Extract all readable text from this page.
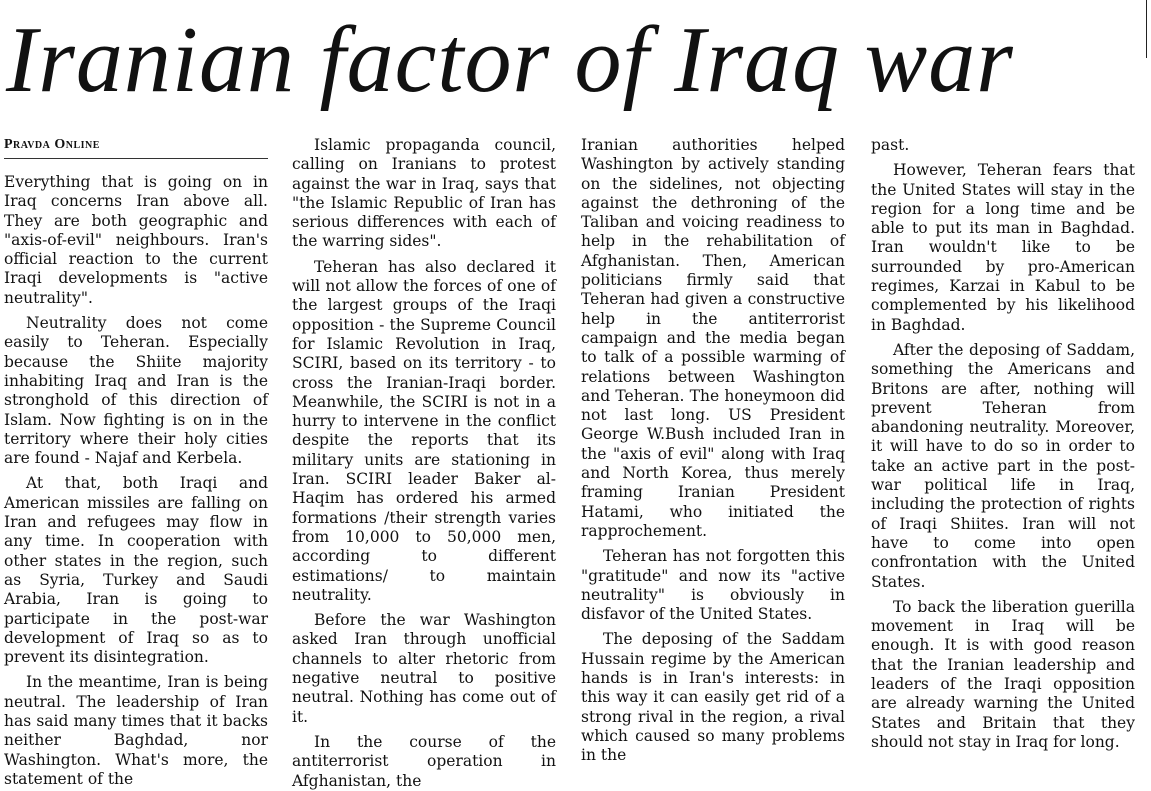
Iranian factor of Iraq war
Pravda Online

Everything that is going on in Iraq concerns Iran above all. They are both geographic and "axis-of-evil" neighbours. Iran's official reaction to the current Iraqi developments is "active neutrality".

Neutrality does not come easily to Teheran. Especially because the Shiite majority inhabiting Iraq and Iran is the stronghold of this direction of Islam. Now fighting is on in the territory where their holy cities are found - Najaf and Kerbela.

At that, both Iraqi and American missiles are falling on Iran and refugees may flow in any time. In cooperation with other states in the region, such as Syria, Turkey and Saudi Arabia, Iran is going to participate in the post-war development of Iraq so as to prevent its disintegration.

In the meantime, Iran is being neutral. The leadership of Iran has said many times that it backs neither Baghdad, nor Washington. What's more, the statement of the

Islamic propaganda council, calling on Iranians to protest against the war in Iraq, says that "the Islamic Republic of Iran has serious differences with each of the warring sides".

Teheran has also declared it will not allow the forces of one of the largest groups of the Iraqi opposition - the Supreme Council for Islamic Revolution in Iraq, SCIRI, based on its territory - to cross the Iranian-Iraqi border. Meanwhile, the SCIRI is not in a hurry to intervene in the conflict despite the reports that its military units are stationing in Iran. SCIRI leader Baker al-Haqim has ordered his armed formations /their strength varies from 10,000 to 50,000 men, according to different estimations/ to maintain neutrality.

Before the war Washington asked Iran through unofficial channels to alter rhetoric from negative neutral to positive neutral. Nothing has come out of it.

In the course of the antiterrorist operation in Afghanistan, the

Iranian authorities helped Washington by actively standing on the sidelines, not objecting against the dethroning of the Taliban and voicing readiness to help in the rehabilitation of Afghanistan. Then, American politicians firmly said that Teheran had given a constructive help in the antiterrorist campaign and the media began to talk of a possible warming of relations between Washington and Teheran. The honeymoon did not last long. US President George W.Bush included Iran in the "axis of evil" along with Iraq and North Korea, thus merely framing Iranian President Hatami, who initiated the rapprochement.

Teheran has not forgotten this "gratitude" and now its "active neutrality" is obviously in disfavor of the United States.

The deposing of the Saddam Hussain regime by the American hands is in Iran's interests: in this way it can easily get rid of a strong rival in the region, a rival which caused so many problems in the

past.

However, Teheran fears that the United States will stay in the region for a long time and be able to put its man in Baghdad. Iran wouldn't like to be surrounded by pro-American regimes, Karzai in Kabul to be complemented by his likelihood in Baghdad.

After the deposing of Saddam, something the Americans and Britons are after, nothing will prevent Teheran from abandoning neutrality. Moreover, it will have to do so in order to take an active part in the post-war political life in Iraq, including the protection of rights of Iraqi Shiites. Iran will not have to come into open confrontation with the United States.

To back the liberation guerilla movement in Iraq will be enough. It is with good reason that the Iranian leadership and leaders of the Iraqi opposition are already warning the United States and Britain that they should not stay in Iraq for long.
